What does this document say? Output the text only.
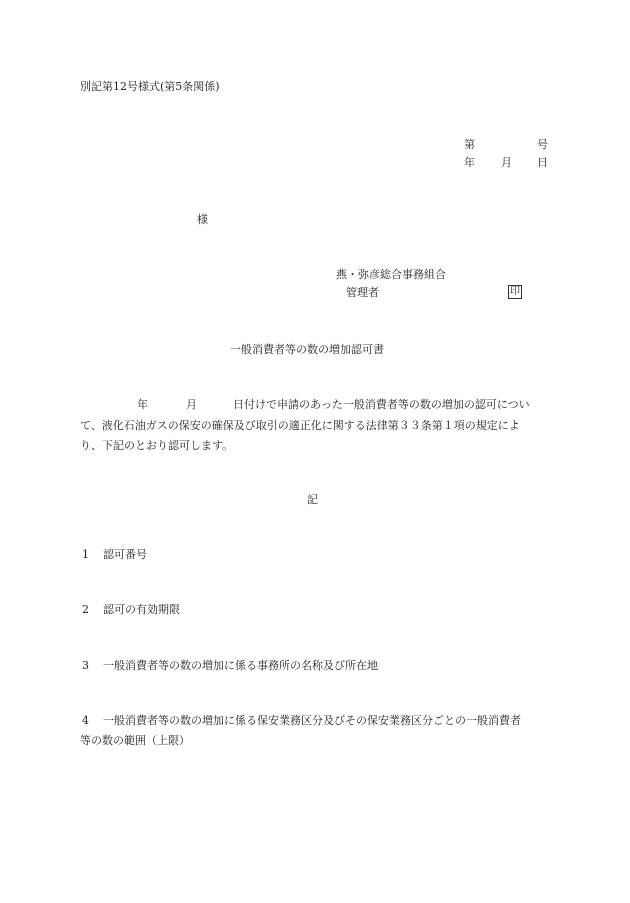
別記第12号様式(第5条関係)
第	号
年 月 日
様
燕・弥彦総合事務組合
管理者	印
一般消費者等の数の増加認可書
年	月	日付けで申請のあった一般消費者等の数の増加の認可につい
て、液化石油ガスの保安の確保及び取引の適正化に関する法律第３３条第１項の規定によ
り、下記のとおり認可します。
記
1 認可番号
2 認可の有効期限
3 一般消費者等の数の増加に係る事務所の名称及び所在地
4 一般消費者等の数の増加に係る保安業務区分及びその保安業務区分ごとの一般消費者
等の数の範囲（上限）
